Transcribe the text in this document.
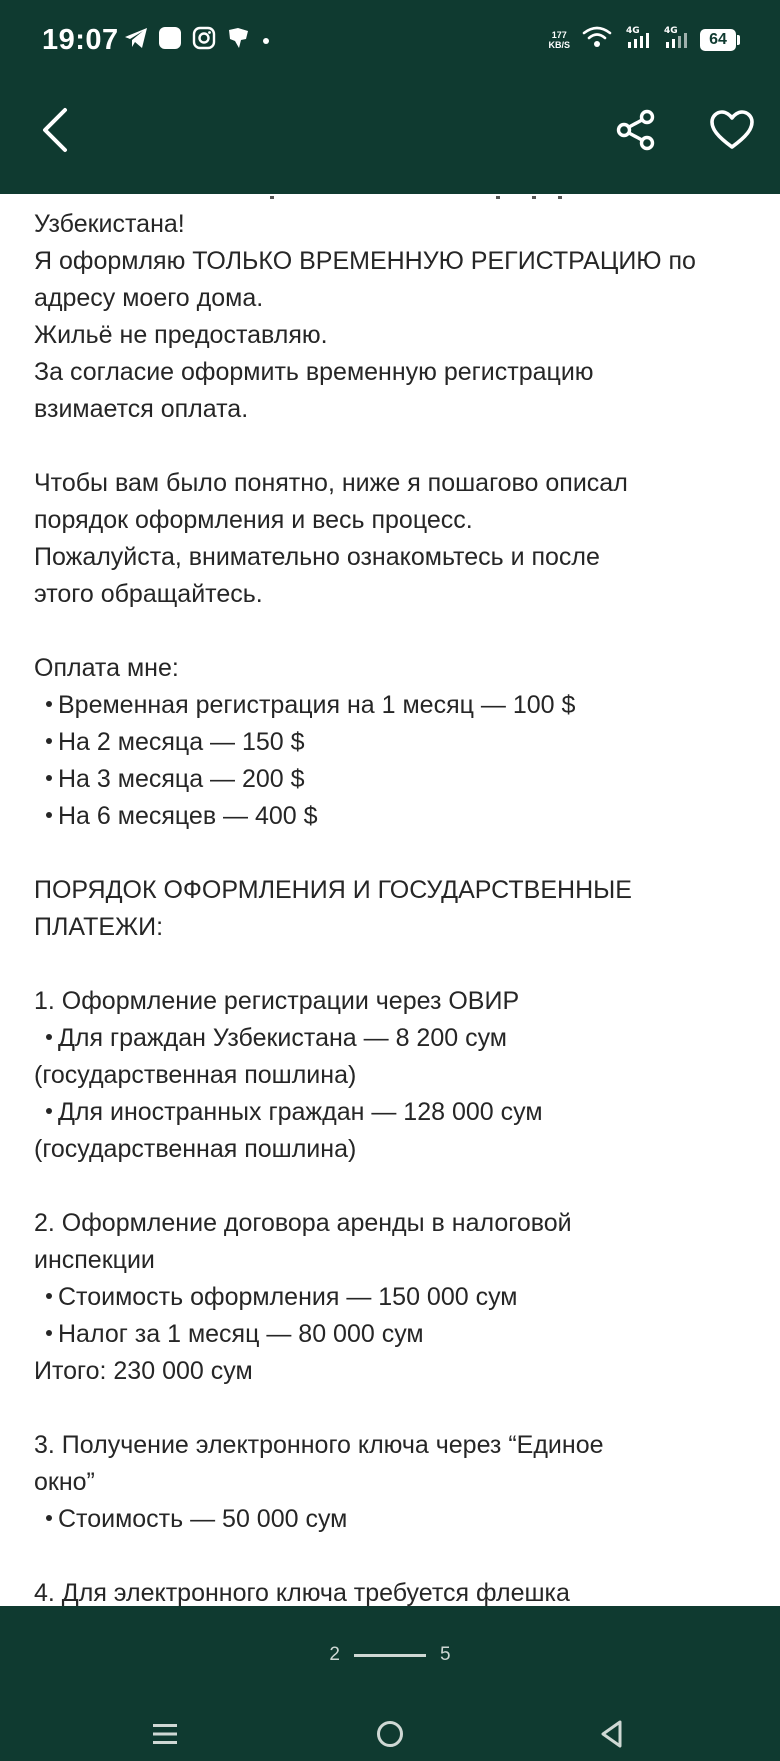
19:07	177
KB/S
4G	4G	64
Узбекистана!
Я оформляю ТОЛЬКО ВРЕМЕННУЮ РЕГИСТРАЦИЮ по
адресу моего дома.
Жильё не предоставляю.
За согласие оформить временную регистрацию
взимается оплата.
Чтобы вам было понятно, ниже я пошагово описал
порядок оформления и весь процесс.
Пожалуйста, внимательно ознакомьтесь и после
этого обращайтесь.
Оплата мне:
Временная регистрация на 1 месяц — 100 $
На 2 месяца — 150 $
На 3 месяца — 200 $
На 6 месяцев — 400 $
ПОРЯДОК ОФОРМЛЕНИЯ И ГОСУДАРСТВЕННЫЕ
ПЛАТЕЖИ:
1. Оформление регистрации через ОВИР
Для граждан Узбекистана — 8 200 сум
(государственная пошлина)
Для иностранных граждан — 128 000 сум
(государственная пошлина)
2. Оформление договора аренды в налоговой
инспекции
Стоимость оформления — 150 000 сум
Налог за 1 месяц — 80 000 сум
Итого: 230 000 сум
3. Получение электронного ключа через “Единое
окно”
Стоимость — 50 000 сум
4. Для электронного ключа требуется флешка
2	5
